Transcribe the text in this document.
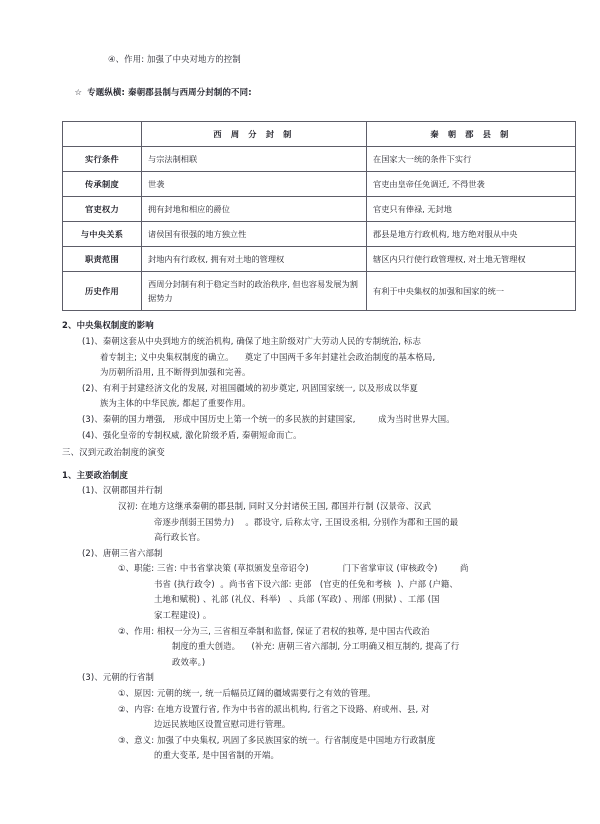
④、作用: 加强了中央对地方的控制

☆ 专题纵横: 秦朝郡县制与西周分封制的不同:

	西 周 分 封 制	秦 朝 郡 县 制
实行条件	与宗法制相联	在国家大一统的条件下实行
传承制度	世袭	官吏由皇帝任免调迁, 不得世袭
官吏权力	拥有封地和相应的爵位	官吏只有俸禄, 无封地
与中央关系	诸侯国有很强的地方独立性	郡县是地方行政机构, 地方绝对服从中央
职责范围	封地内有行政权, 拥有对土地的管理权	辖区内只行使行政管理权, 对土地无管理权
历史作用	西周分封制有利于稳定当时的政治秩序, 但也容易发展为割据势力	有利于中央集权的加强和国家的统一
2、中央集权制度的影响
(1)、秦朝这套从中央到地方的统治机构, 确保了地主阶级对广大劳动人民的专制统治, 标志
着专制主; 义中央集权制度的确立。    奠定了中国两千多年封建社会政治制度的基本格局,
为历朝所沿用, 且不断得到加强和完善。
(2)、有利于封建经济文化的发展, 对祖国疆域的初步奠定, 巩固国家统一, 以及形成以华夏
族为主体的中华民族, 都起了重要作用。
(3)、秦朝的国力增强,   形成中国历史上第一个统一的多民族的封建国家,        成为当时世界大国。
(4)、强化皇帝的专制权威, 激化阶级矛盾, 秦朝短命而亡。
三、汉到元政治制度的演变
1、主要政治制度
(1)、汉朝郡国并行制
汉初: 在地方这继承秦朝的郡县制, 同时又分封诸侯王国, 郡国并行制 (汉景帝、汉武
帝逐步削弱王国势力)    。郡设守, 后称太守, 王国设丞相, 分别作为郡和王国的最
高行政长官。
(2)、唐朝三省六部制
①、职能: 三省: 中书省掌决策 (草拟颁发皇帝诏令)            门下省掌审议 (审核政令)        尚
书省 (执行政令)  。尚书省下设六部: 吏部   (官吏的任免和考核  )、户部 (户籍、
土地和赋税) 、礼部 (礼仪、科举)   、兵部 (军政) 、刑部 (刑狱) 、工部 (国
家工程建设) 。
②、作用: 相权一分为三, 三省相互牵制和监督, 保证了君权的独尊, 是中国古代政治
制度的重大创造。    (补充: 唐朝三省六部制, 分工明确又相互制约, 提高了行
政效率。)
(3)、元朝的行省制
①、原因: 元朝的统一, 统一后幅员辽阔的疆域需要行之有效的管理。
②、内容: 在地方设置行省, 作为中书省的派出机构, 行省之下设路、府或州、县, 对
边远民族地区设置宣慰司进行管理。
③、意义: 加强了中央集权, 巩固了多民族国家的统一。行省制度是中国地方行政制度
的重大变革, 是中国省制的开端。
